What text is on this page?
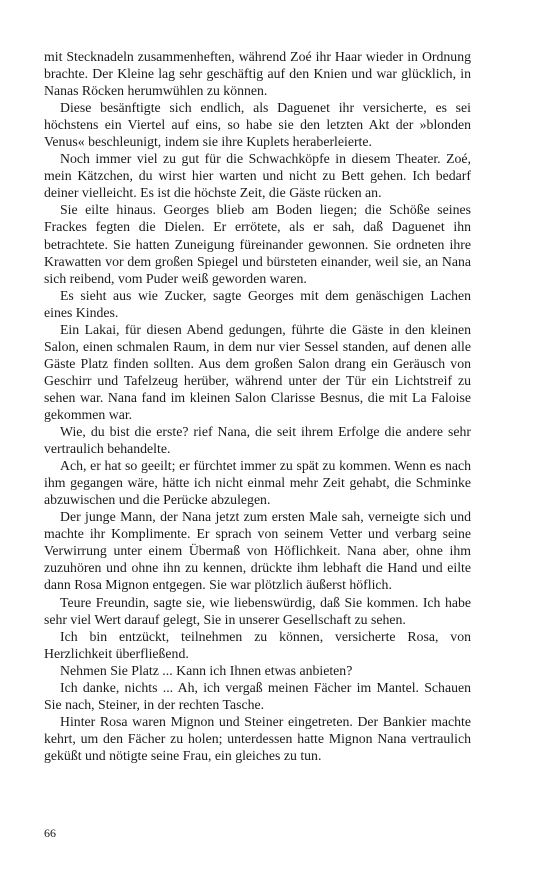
mit Stecknadeln zusammenheften, während Zoé ihr Haar wieder in Ordnung brachte. Der Kleine lag sehr geschäftig auf den Knien und war glücklich, in Nanas Röcken herumwühlen zu können.

Diese besänftigte sich endlich, als Daguenet ihr versicherte, es sei höchstens ein Viertel auf eins, so habe sie den letzten Akt der »blonden Venus« beschleunigt, indem sie ihre Kuplets heraberleierte.

Noch immer viel zu gut für die Schwachköpfe in diesem Theater. Zoé, mein Kätzchen, du wirst hier warten und nicht zu Bett gehen. Ich bedarf deiner vielleicht. Es ist die höchste Zeit, die Gäste rücken an.

Sie eilte hinaus. Georges blieb am Boden liegen; die Schöße seines Frackes fegten die Dielen. Er errötete, als er sah, daß Daguenet ihn betrachtete. Sie hatten Zuneigung füreinander gewonnen. Sie ordneten ihre Krawatten vor dem großen Spiegel und bürsteten einander, weil sie, an Nana sich reibend, vom Puder weiß geworden waren.

Es sieht aus wie Zucker, sagte Georges mit dem genäschigen Lachen eines Kindes.

Ein Lakai, für diesen Abend gedungen, führte die Gäste in den kleinen Salon, einen schmalen Raum, in dem nur vier Sessel standen, auf denen alle Gäste Platz finden sollten. Aus dem großen Salon drang ein Geräusch von Geschirr und Tafelzeug herüber, während unter der Tür ein Lichtstreif zu sehen war. Nana fand im kleinen Salon Clarisse Besnus, die mit La Faloise gekommen war.

Wie, du bist die erste? rief Nana, die seit ihrem Erfolge die andere sehr vertraulich behandelte.

Ach, er hat so geeilt; er fürchtet immer zu spät zu kommen. Wenn es nach ihm gegangen wäre, hätte ich nicht einmal mehr Zeit gehabt, die Schminke abzuwischen und die Perücke abzulegen.

Der junge Mann, der Nana jetzt zum ersten Male sah, verneigte sich und machte ihr Komplimente. Er sprach von seinem Vetter und verbarg seine Verwirrung unter einem Übermaß von Höflichkeit. Nana aber, ohne ihm zuzuhören und ohne ihn zu kennen, drückte ihm lebhaft die Hand und eilte dann Rosa Mignon entgegen. Sie war plötzlich äußerst höflich.

Teure Freundin, sagte sie, wie liebenswürdig, daß Sie kommen. Ich habe sehr viel Wert darauf gelegt, Sie in unserer Gesellschaft zu sehen.

Ich bin entzückt, teilnehmen zu können, versicherte Rosa, von Herzlichkeit überfließend.

Nehmen Sie Platz ... Kann ich Ihnen etwas anbieten?

Ich danke, nichts ... Ah, ich vergaß meinen Fächer im Mantel. Schauen Sie nach, Steiner, in der rechten Tasche.

Hinter Rosa waren Mignon und Steiner eingetreten. Der Bankier machte kehrt, um den Fächer zu holen; unterdessen hatte Mignon Nana vertraulich geküßt und nötigte seine Frau, ein gleiches zu tun.

66
